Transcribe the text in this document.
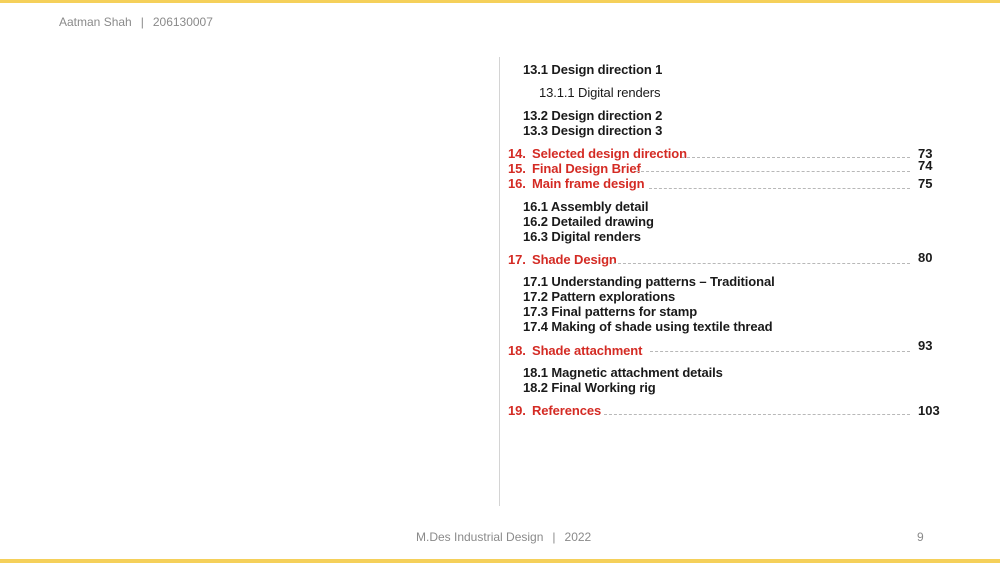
Aatman Shah | 206130007
13.1 Design direction 1
13.1.1 Digital renders
13.2 Design direction 2
13.3 Design direction 3
14. Selected design direction	73
15. Final Design Brief	74
16. Main frame design	75
16.1 Assembly detail
16.2 Detailed drawing
16.3 Digital renders
17. Shade Design	80
17.1 Understanding patterns – Traditional
17.2 Pattern explorations
17.3 Final patterns for stamp
17.4 Making of shade using textile thread
18. Shade attachment	93
18.1 Magnetic attachment details
18.2 Final Working rig
19. References	103
M.Des Industrial Design | 2022	9
